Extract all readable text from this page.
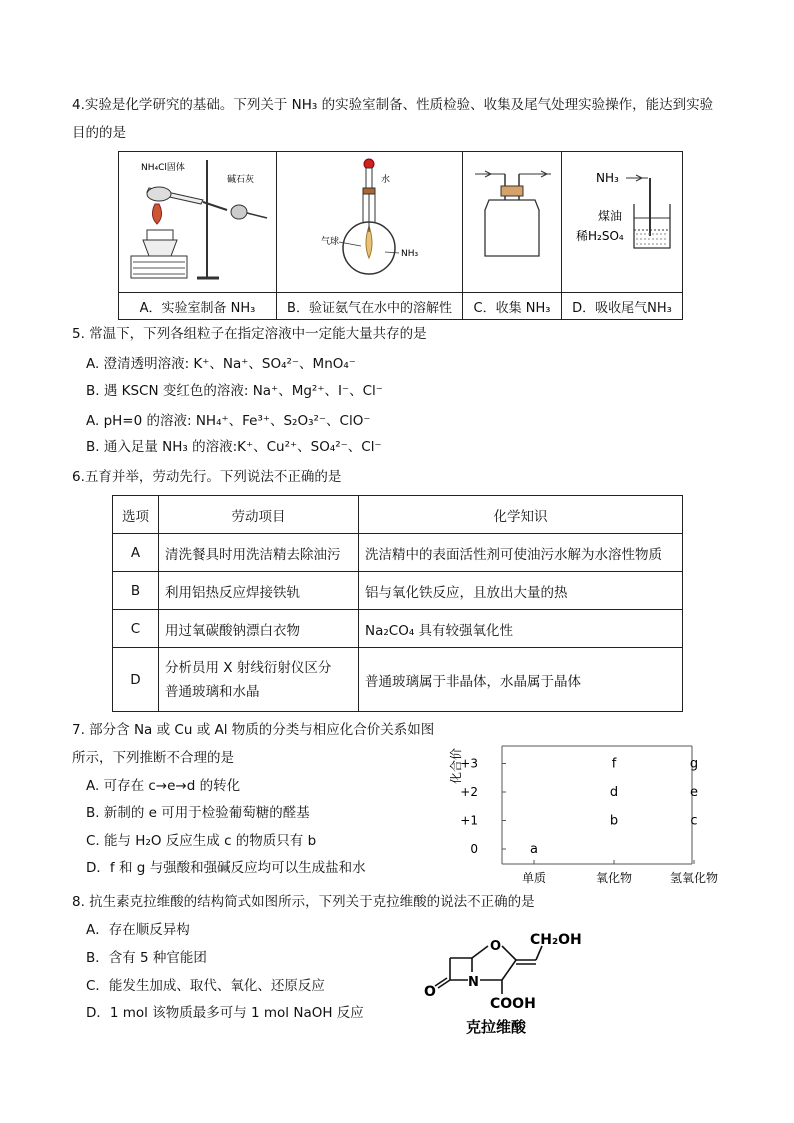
4.实验是化学研究的基础。下列关于 NH₃ 的实验室制备、性质检验、收集及尾气处理实验操作，能达到实验
目的的是
NH₄Cl固体
碱石灰	水
气球
NH₃		NH₃
煤油
稀H₂SO₄

A．实验室制备 NH₃	B．验证氨气在水中的溶解性	C．收集 NH₃	D．吸收尾气NH₃
5. 常温下，下列各组粒子在指定溶液中一定能大量共存的是
A. 澄清透明溶液: K⁺、Na⁺、SO₄²⁻、MnO₄⁻
B. 遇 KSCN 变红色的溶液: Na⁺、Mg²⁺、I⁻、Cl⁻
A. pH=0 的溶液: NH₄⁺、Fe³⁺、S₂O₃²⁻、ClO⁻
B. 通入足量 NH₃ 的溶液:K⁺、Cu²⁺、SO₄²⁻、Cl⁻
6.五育并举，劳动先行。下列说法不正确的是
选项	劳动项目	化学知识
A	清洗餐具时用洗洁精去除油污	洗洁精中的表面活性剂可使油污水解为水溶性物质
B	利用铝热反应焊接铁轨	铝与氧化铁反应，且放出大量的热
C	用过氧碳酸钠漂白衣物	Na₂CO₄ 具有较强氧化性
D	分析员用 X 射线衍射仪区分
普通玻璃和水晶	普通玻璃属于非晶体，水晶属于晶体
7. 部分含 Na 或 Cu 或 Al 物质的分类与相应化合价关系如图
所示，下列推断不合理的是
A. 可存在 c→e→d 的转化
B. 新制的 e 可用于检验葡萄糖的醛基
C. 能与 H₂O 反应生成 c 的物质只有 b
D．f 和 g 与强酸和强碱反应均可以生成盐和水
化合价
0
+1
+2
+3
单质	氧化物	氢氧化物
a
b
d
f
c
e
g
8. 抗生素克拉维酸的结构简式如图所示，下列关于克拉维酸的说法不正确的是
A．存在顺反异构
B．含有 5 种官能团
C．能发生加成、取代、氧化、还原反应
D．1 mol 该物质最多可与 1 mol NaOH 反应
N
O
O CH₂OH
COOH
克拉维酸
